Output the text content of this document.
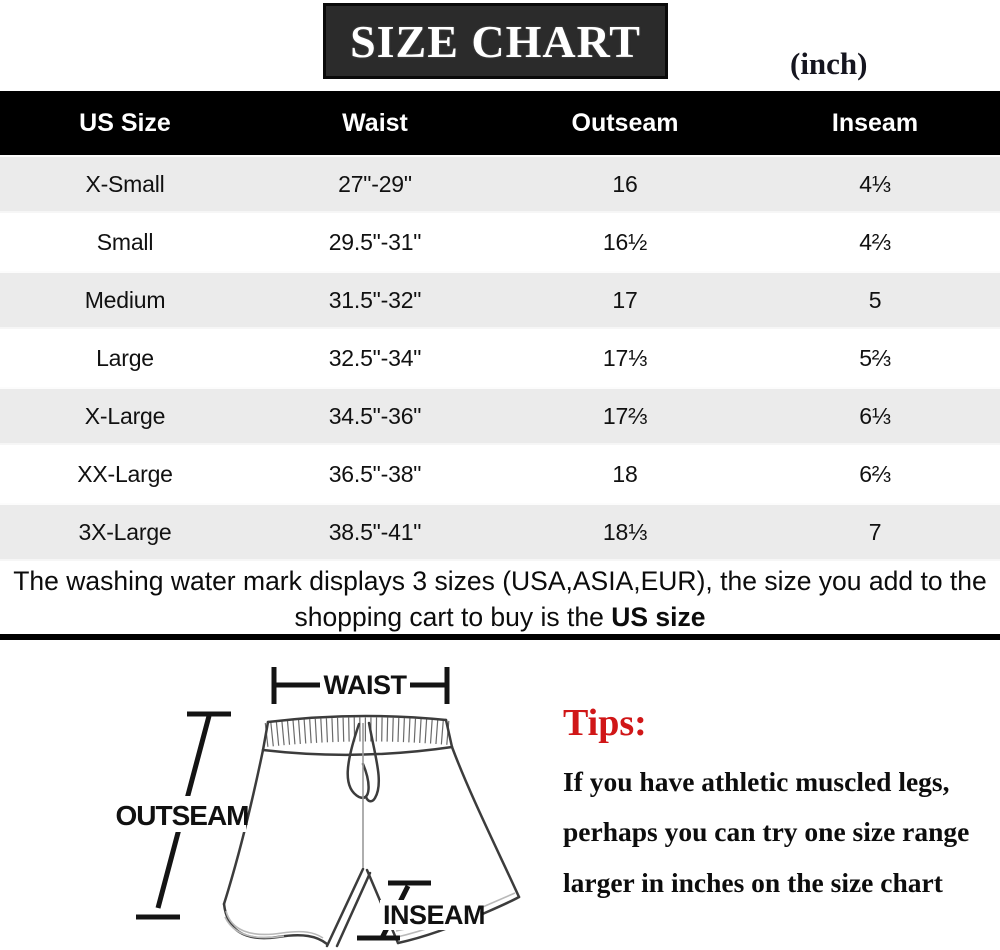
SIZE CHART	(inch)
US Size	Waist	Outseam	Inseam
X-Small	27"-29"	16	4⅓
Small	29.5"-31"	16½	4⅔
Medium	31.5"-32"	17	5
Large	32.5"-34"	17⅓	5⅔
X-Large	34.5"-36"	17⅔	6⅓
XX-Large	36.5"-38"	18	6⅔
3X-Large	38.5"-41"	18⅓	7
The washing water mark displays 3 sizes (USA,ASIA,EUR), the size you add to the
shopping cart to buy is the US size
WAIST
OUTSEAM
INSEAM
Tips:
If you have athletic muscled legs,
perhaps you can try one size range
larger in inches on the size chart
